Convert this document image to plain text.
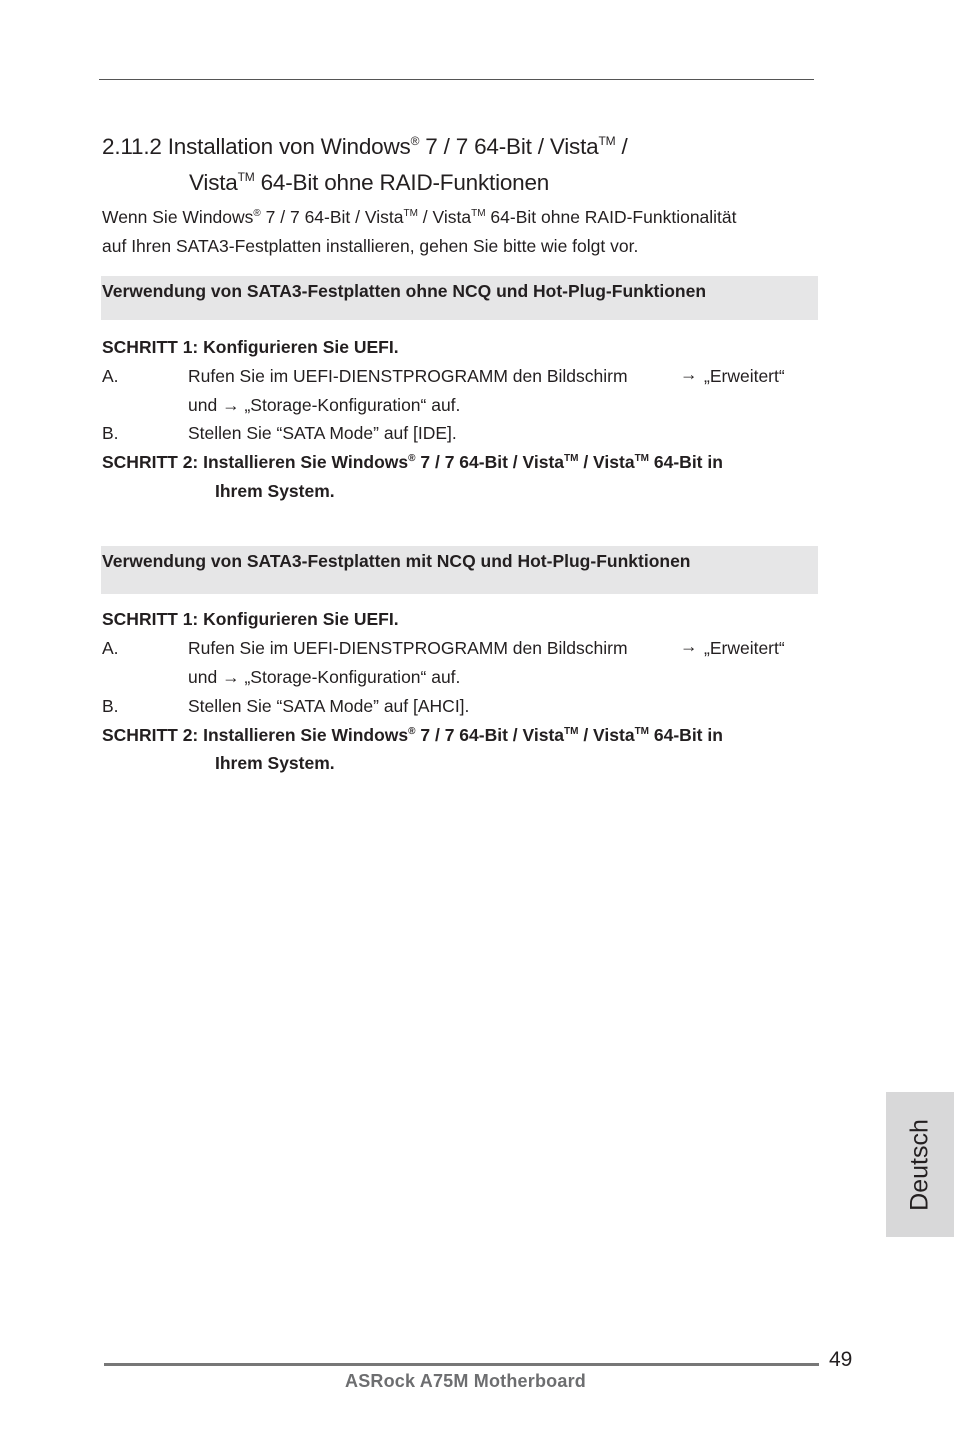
2.11.2 Installation von Windows® 7 / 7 64-Bit / Vista™ /
Vista™ 64-Bit ohne RAID-Funktionen
Wenn Sie Windows® 7 / 7 64-Bit / Vista™ / Vista™ 64-Bit ohne RAID-Funktionalität
auf Ihren SATA3-Festplatten installieren, gehen Sie bitte wie folgt vor.
Verwendung von SATA3-Festplatten ohne NCQ und Hot-Plug-Funktionen
SCHRITT 1: Konfigurieren Sie UEFI.
A.	Rufen Sie im UEFI-DIENSTPROGRAMM den Bildschirm	→ „Erweitert“
und → „Storage-Konfiguration“ auf.
B.	Stellen Sie “SATA Mode” auf [IDE].
SCHRITT 2: Installieren Sie Windows® 7 / 7 64-Bit / Vista™ / Vista™ 64-Bit in
Ihrem System.
Verwendung von SATA3-Festplatten mit NCQ und Hot-Plug-Funktionen
SCHRITT 1: Konfigurieren Sie UEFI.
A.	Rufen Sie im UEFI-DIENSTPROGRAMM den Bildschirm	→ „Erweitert“
und → „Storage-Konfiguration“ auf.
B.	Stellen Sie “SATA Mode” auf [AHCI].
SCHRITT 2: Installieren Sie Windows® 7 / 7 64-Bit / Vista™ / Vista™ 64-Bit in
Ihrem System.
Deutsch
49
ASRock A75M Motherboard
